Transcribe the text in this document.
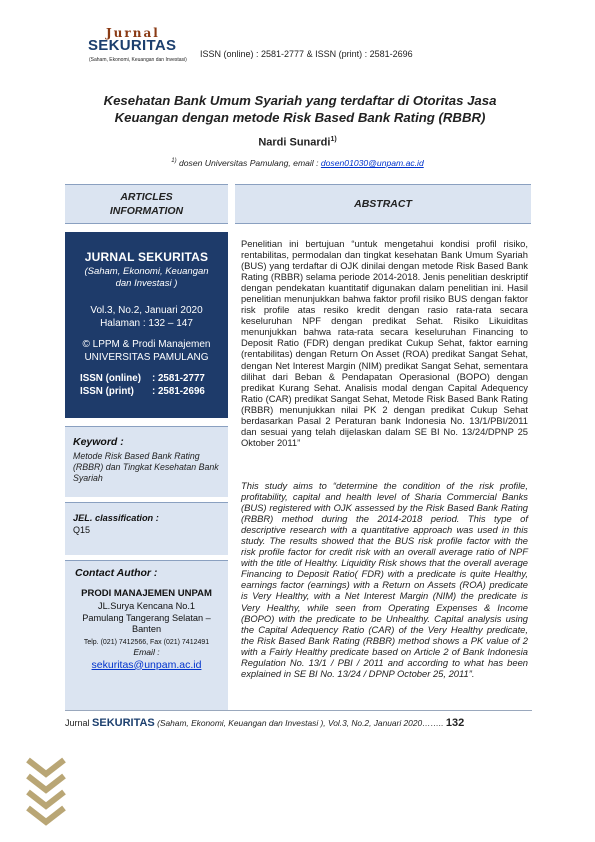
Jurnal
SEKURITAS
(Saham, Ekonomi, Keuangan dan Investasi)
ISSN (online) : 2581-2777 & ISSN (print) : 2581-2696
Kesehatan Bank Umum Syariah yang terdaftar di Otoritas Jasa Keuangan dengan metode Risk Based Bank Rating (RBBR)
Nardi Sunardi$^{1)}$
$^{1)}$ dosen Universitas Pamulang, email : dosen01030@unpam.ac.id
ARTICLES
INFORMATION
ABSTRACT
JURNAL SEKURITAS
(Saham, Ekonomi, Keuangan
dan Investasi )
Vol.3, No.2, Januari 2020
Halaman : 132 – 147
© LPPM & Prodi Manajemen
UNIVERSITAS PAMULANG
ISSN (online) : 2581-2777
ISSN (print) : 2581-2696
Keyword :
Metode Risk Based Bank Rating (RBBR) dan Tingkat Kesehatan Bank Syariah
JEL. classification :
Q15
Contact Author :
PRODI MANAJEMEN UNPAM
JL.Surya Kencana No.1
Pamulang Tangerang Selatan –
Banten
Telp. (021) 7412566, Fax (021) 7412491
Email :
sekuritas@unpam.ac.id
Penelitian ini bertujuan “untuk mengetahui kondisi profil risiko, rentabilitas, permodalan dan tingkat kesehatan Bank Umum Syariah (BUS) yang terdaftar di OJK dinilai dengan metode Risk Based Bank Rating (RBBR) selama periode 2014-2018. Jenis penelitian deskriptif dengan pendekatan kuantitatif digunakan dalam penelitian ini. Hasil penelitian menunjukkan bahwa faktor profil risiko BUS dengan faktor risk profile atas resiko kredit dengan rasio rata-rata secara keseluruhan NPF dengan predikat Sehat. Risiko Likuiditas menunjukkan bahwa rata-rata secara keseluruhan Financing to Deposit Ratio (FDR) dengan predikat Cukup Sehat, faktor earning (rentabilitas) dengan Return On Asset (ROA) predikat Sangat Sehat, dengan Net Interest Margin (NIM) predikat Sangat Sehat, sementara dilihat dari Beban & Pendapatan Operasional (BOPO) dengan predikat Kurang Sehat. Analisis modal dengan Capital Adequency Ratio (CAR) predikat Sangat Sehat, Metode Risk Based Bank Rating (RBBR) menunjukkan nilai PK 2 dengan predikat Cukup Sehat berdasarkan Pasal 2 Peraturan bank Indonesia No. 13/1/PBI/2011 dan sesuai yang telah dijelaskan dalam SE BI No. 13/24/DPNP 25 Oktober 2011”
This study aims to “determine the condition of the risk profile, profitability, capital and health level of Sharia Commercial Banks (BUS) registered with OJK assessed by the Risk Based Bank Rating (RBBR) method during the 2014-2018 period. This type of descriptive research with a quantitative approach was used in this study. The results showed that the BUS risk profile factor with the risk profile factor for credit risk with an overall average ratio of NPF with the title of Healthy. Liquidity Risk shows that the overall average Financing to Deposit Ratio( FDR) with a predicate is quite Healthy, earnings factor (earnings) with a Return on Assets (ROA) predicate is Very Healthy, with a Net Interest Margin (NIM) the predicate is Very Healthy, while seen from Operating Expenses & Income (BOPO) with the predicate to be Unhealthy. Capital analysis using the Capital Adequency Ratio (CAR) of the Very Healthy predicate, the Risk Based Bank Rating (RBBR) method shows a PK value of 2 with a Fairly Healthy predicate based on Article 2 of Bank Indonesia Regulation No. 13/1 / PBI / 2011 and according to what has been explained in SE BI No. 13/24 / DPNP October 25, 2011”.
Jurnal SEKURITAS (Saham, Ekonomi, Keuangan dan Investasi ), Vol.3, No.2, Januari 2020…….. 132
